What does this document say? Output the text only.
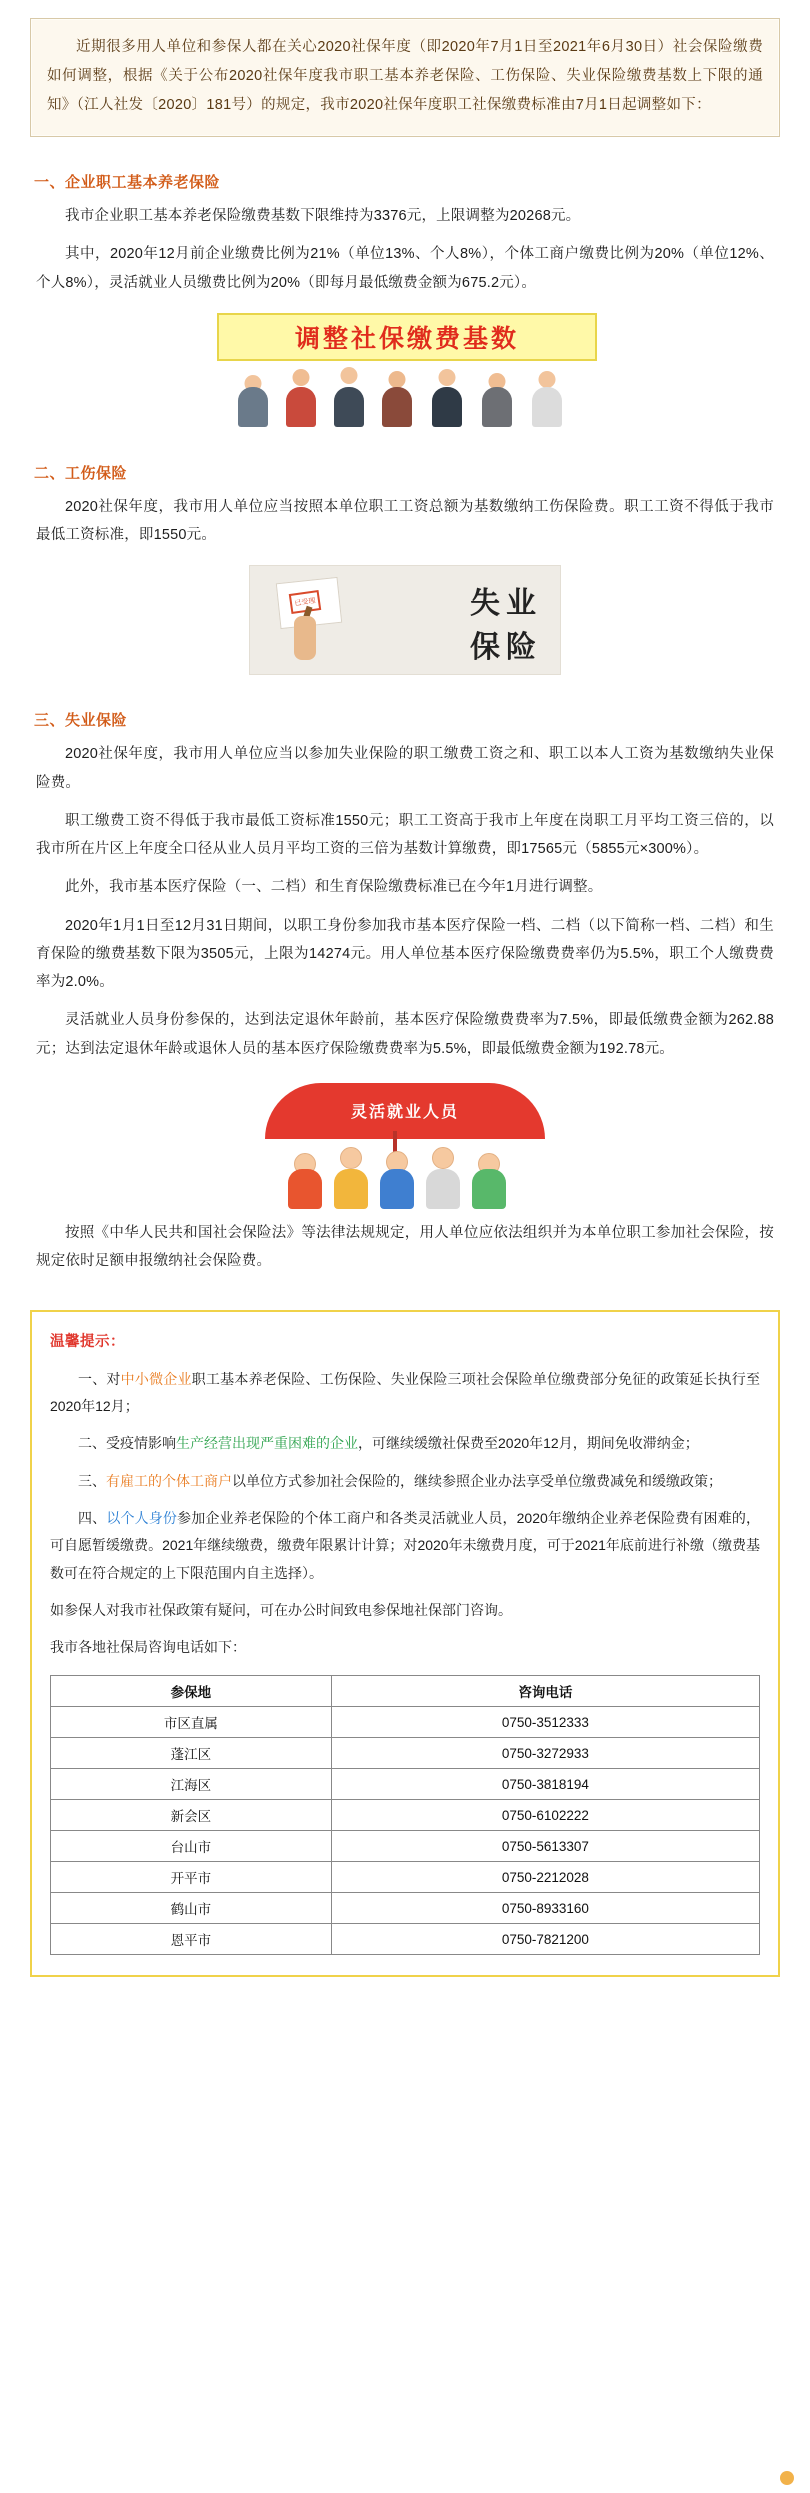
近期很多用人单位和参保人都在关心2020社保年度（即2020年7月1日至2021年6月30日）社会保险缴费如何调整，根据《关于公布2020社保年度我市职工基本养老保险、工伤保险、失业保险缴费基数上下限的通知》（江人社发〔2020〕181号）的规定，我市2020社保年度职工社保缴费标准由7月1日起调整如下：
一、企业职工基本养老保险

我市企业职工基本养老保险缴费基数下限维持为3376元，上限调整为20268元。

其中，2020年12月前企业缴费比例为21%（单位13%、个人8%），个体工商户缴费比例为20%（单位12%、个人8%），灵活就业人员缴费比例为20%（即每月最低缴费金额为675.2元）。

调整社保缴费基数
二、工伤保险

2020社保年度，我市用人单位应当按照本单位职工工资总额为基数缴纳工伤保险费。职工工资不得低于我市最低工资标准，即1550元。

已受理	失业
保险
三、失业保险

2020社保年度，我市用人单位应当以参加失业保险的职工缴费工资之和、职工以本人工资为基数缴纳失业保险费。

职工缴费工资不得低于我市最低工资标准1550元；职工工资高于我市上年度在岗职工月平均工资三倍的，以我市所在片区上年度全口径从业人员月平均工资的三倍为基数计算缴费，即17565元（5855元×300%）。

此外，我市基本医疗保险（一、二档）和生育保险缴费标准已在今年1月进行调整。

2020年1月1日至12月31日期间，以职工身份参加我市基本医疗保险一档、二档（以下简称一档、二档）和生育保险的缴费基数下限为3505元，上限为14274元。用人单位基本医疗保险缴费费率仍为5.5%，职工个人缴费费率为2.0%。

灵活就业人员身份参保的，达到法定退休年龄前，基本医疗保险缴费费率为7.5%，即最低缴费金额为262.88元；达到法定退休年龄或退休人员的基本医疗保险缴费费率为5.5%，即最低缴费金额为192.78元。

灵活就业人员

按照《中华人民共和国社会保险法》等法律法规规定，用人单位应依法组织并为本单位职工参加社会保险，按规定依时足额申报缴纳社会保险费。

温馨提示：

一、对中小微企业职工基本养老保险、工伤保险、失业保险三项社会保险单位缴费部分免征的政策延长执行至2020年12月；

二、受疫情影响生产经营出现严重困难的企业，可继续缓缴社保费至2020年12月，期间免收滞纳金；

三、有雇工的个体工商户以单位方式参加社会保险的，继续参照企业办法享受单位缴费减免和缓缴政策；

四、以个人身份参加企业养老保险的个体工商户和各类灵活就业人员，2020年缴纳企业养老保险费有困难的，可自愿暂缓缴费。2021年继续缴费，缴费年限累计计算；对2020年未缴费月度，可于2021年底前进行补缴（缴费基数可在符合规定的上下限范围内自主选择）。

如参保人对我市社保政策有疑问，可在办公时间致电参保地社保部门咨询。

我市各地社保局咨询电话如下：

参保地	咨询电话
市区直属	0750-3512333
蓬江区	0750-3272933
江海区	0750-3818194
新会区	0750-6102222
台山市	0750-5613307
开平市	0750-2212028
鹤山市	0750-8933160
恩平市	0750-7821200
